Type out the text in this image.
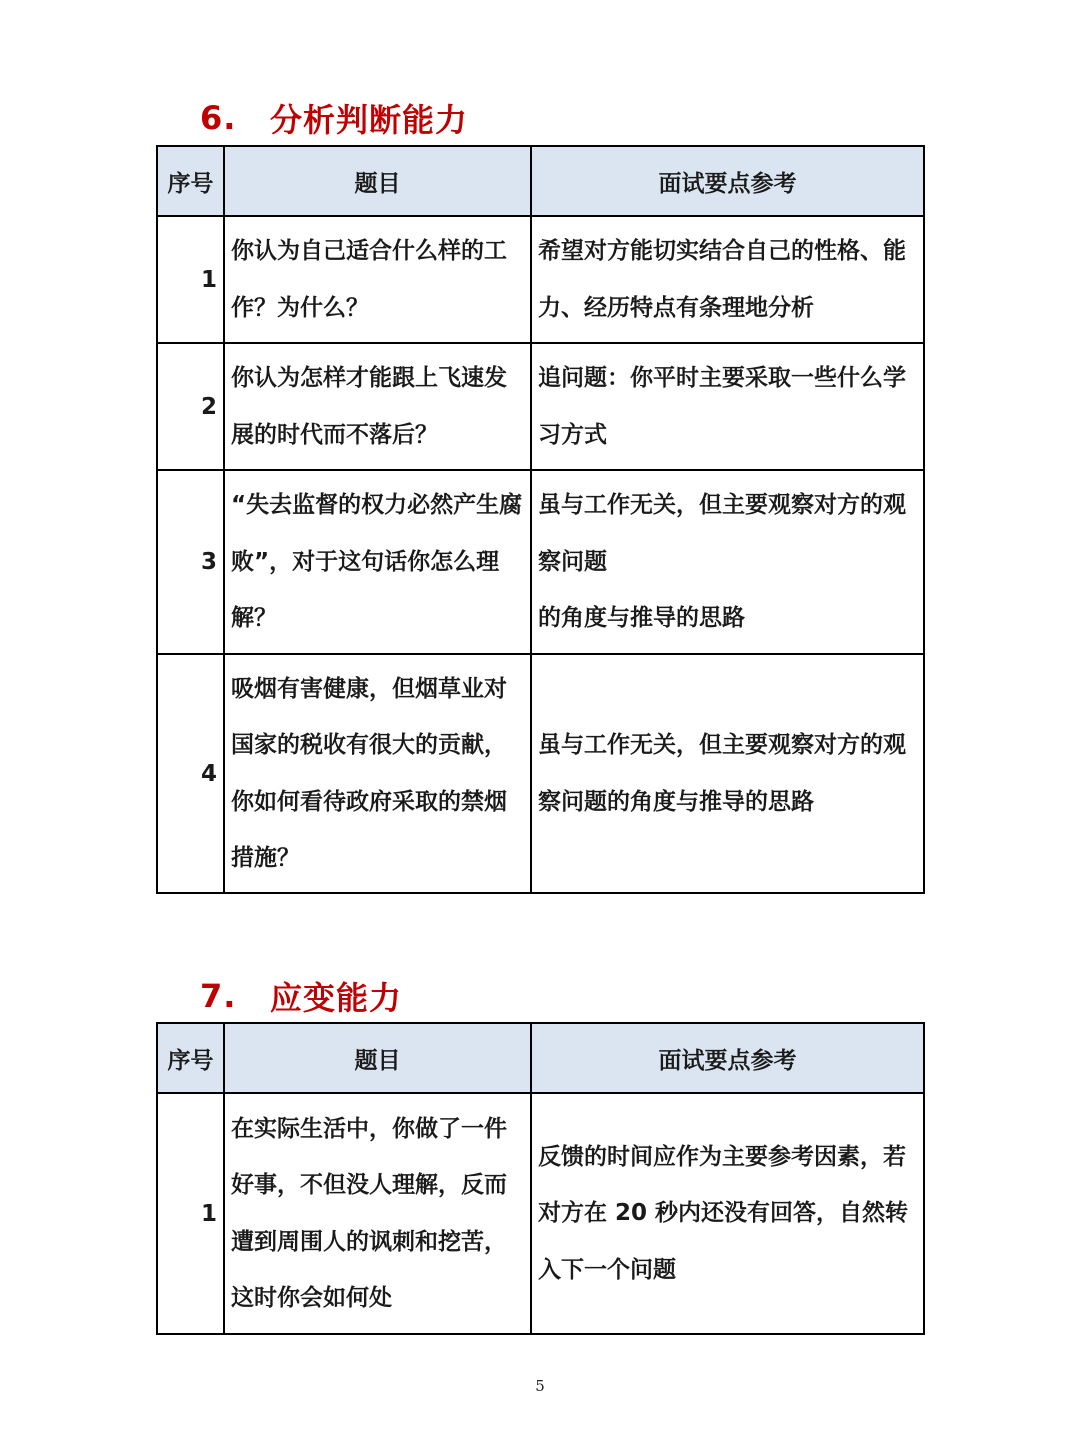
6.	分析判断能力
序号	题目	面试要点参考
1	你认为自己适合什么样的工作？为什么？	希望对方能切实结合自己的性格、能力、经历特点有条理地分析

2	你认为怎样才能跟上飞速发展的时代而不落后？	追问题：你平时主要采取一些什么学习方式

3	“失去监督的权力必然产生腐败”，对于这句话你怎么理解？	虽与工作无关，但主要观察对方的观察问题
的角度与推导的思路

4	吸烟有害健康，但烟草业对国家的税收有很大的贡献，你如何看待政府采取的禁烟措施？	虽与工作无关，但主要观察对方的观察问题的角度与推导的思路
7.	应变能力
序号	题目	面试要点参考
1	在实际生活中，你做了一件好事，不但没人理解，反而遭到周围人的讽刺和挖苦，这时你会如何处	反馈的时间应作为主要参考因素，若对方在 20 秒内还没有回答，自然转入下一个问题
5
